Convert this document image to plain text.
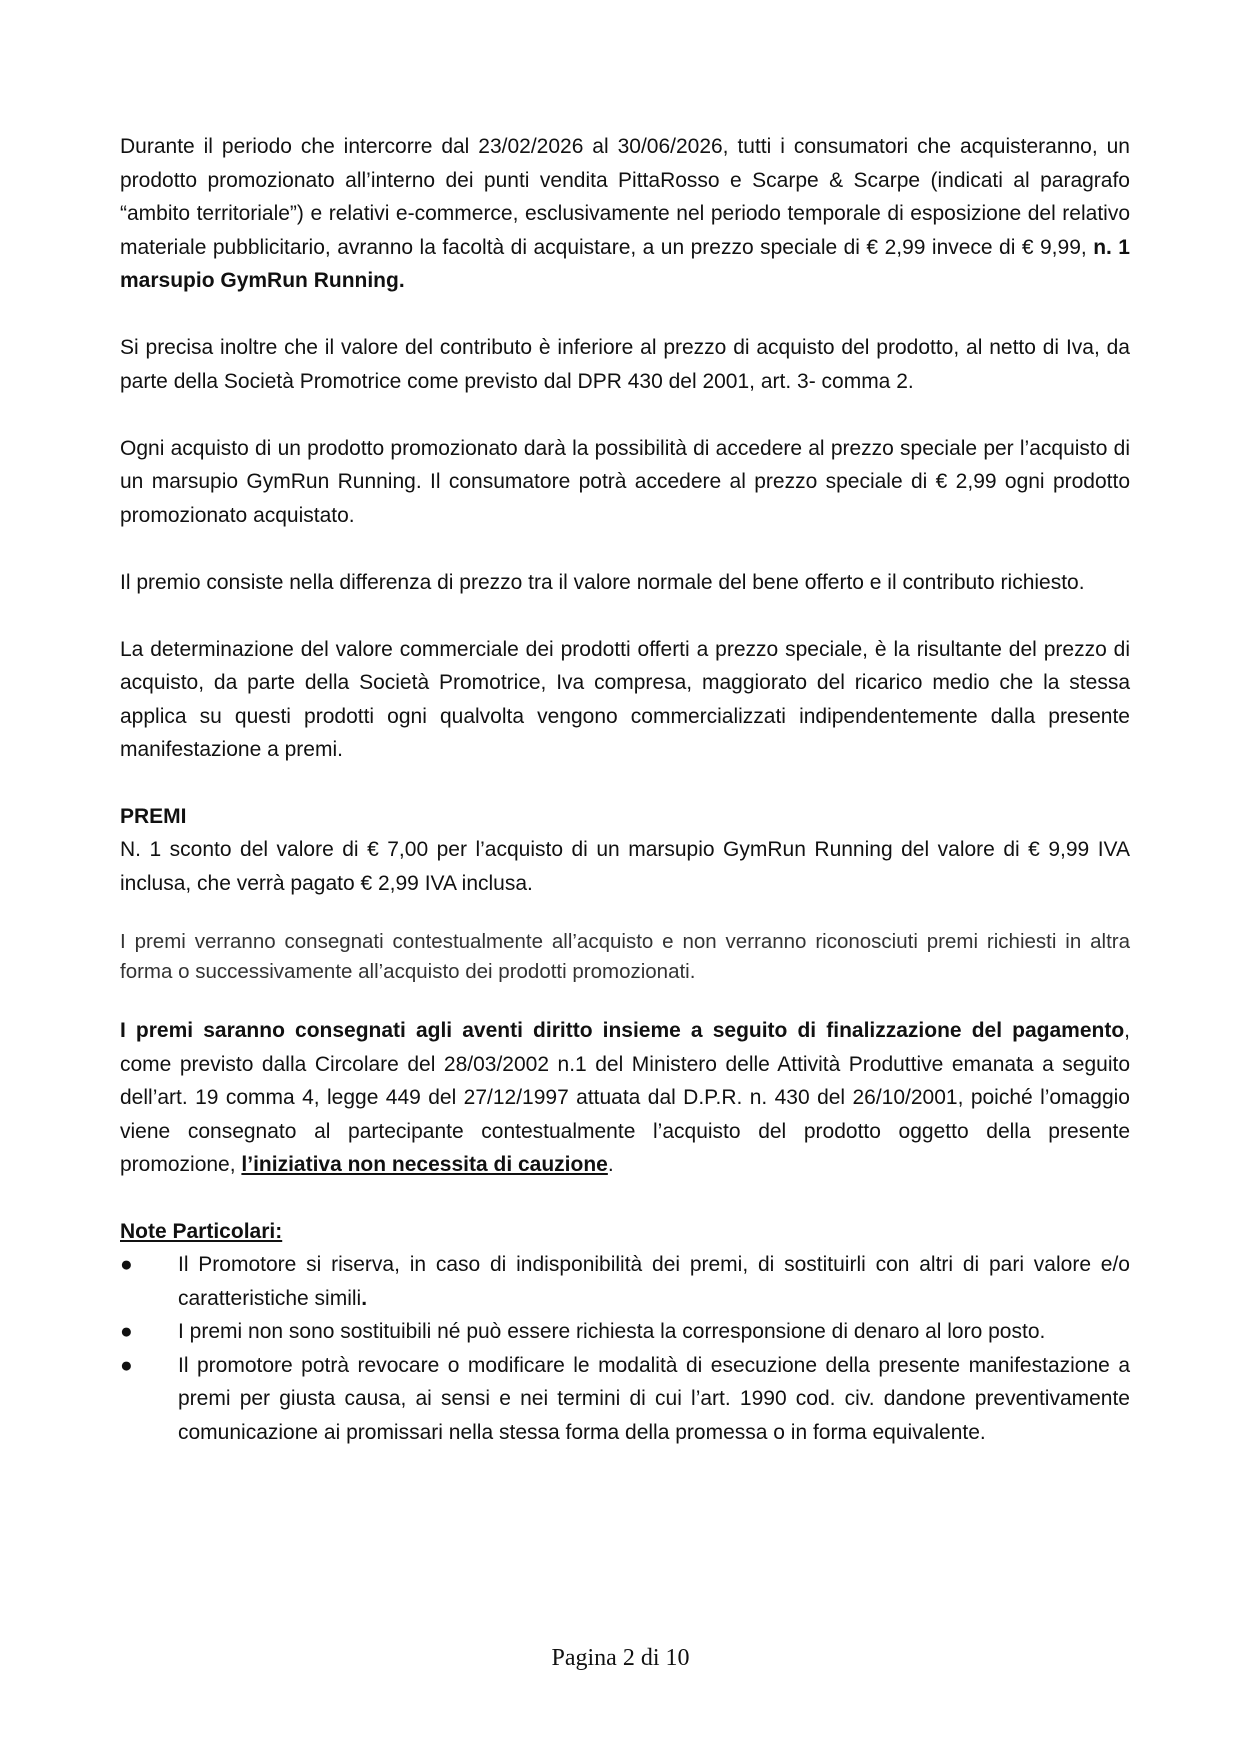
Durante il periodo che intercorre dal 23/02/2026 al 30/06/2026, tutti i consumatori che acquisteranno, un prodotto promozionato all’interno dei punti vendita PittaRosso e Scarpe & Scarpe (indicati al paragrafo “ambito territoriale”) e relativi e-commerce, esclusivamente nel periodo temporale di esposizione del relativo materiale pubblicitario, avranno la facoltà di acquistare, a un prezzo speciale di € 2,99 invece di € 9,99, n. 1 marsupio GymRun Running.

Si precisa inoltre che il valore del contributo è inferiore al prezzo di acquisto del prodotto, al netto di Iva, da parte della Società Promotrice come previsto dal DPR 430 del 2001, art. 3- comma 2.

Ogni acquisto di un prodotto promozionato darà la possibilità di accedere al prezzo speciale per l’acquisto di un marsupio GymRun Running. Il consumatore potrà accedere al prezzo speciale di € 2,99 ogni prodotto promozionato acquistato.

Il premio consiste nella differenza di prezzo tra il valore normale del bene offerto e il contributo richiesto.

La determinazione del valore commerciale dei prodotti offerti a prezzo speciale, è la risultante del prezzo di acquisto, da parte della Società Promotrice, Iva compresa, maggiorato del ricarico medio che la stessa applica su questi prodotti ogni qualvolta vengono commercializzati indipendentemente dalla presente manifestazione a premi.

PREMI

N. 1 sconto del valore di € 7,00 per l’acquisto di un marsupio GymRun Running del valore di € 9,99 IVA inclusa, che verrà pagato € 2,99 IVA inclusa.

I premi verranno consegnati contestualmente all’acquisto e non verranno riconosciuti premi richiesti in altra forma o successivamente all’acquisto dei prodotti promozionati.

I premi saranno consegnati agli aventi diritto insieme a seguito di finalizzazione del pagamento, come previsto dalla Circolare del 28/03/2002 n.1 del Ministero delle Attività Produttive emanata a seguito dell’art. 19 comma 4, legge 449 del 27/12/1997 attuata dal D.P.R. n. 430 del 26/10/2001, poiché l’omaggio viene consegnato al partecipante contestualmente l’acquisto del prodotto oggetto della presente promozione, l’iniziativa non necessita di cauzione.

Note Particolari:
●	Il Promotore si riserva, in caso di indisponibilità dei premi, di sostituirli con altri di pari valore e/o caratteristiche simili.
●	I premi non sono sostituibili né può essere richiesta la corresponsione di denaro al loro posto.
●	Il promotore potrà revocare o modificare le modalità di esecuzione della presente manifestazione a premi per giusta causa, ai sensi e nei termini di cui l’art. 1990 cod. civ. dandone preventivamente comunicazione ai promissari nella stessa forma della promessa o in forma equivalente.
Pagina 2 di 10
